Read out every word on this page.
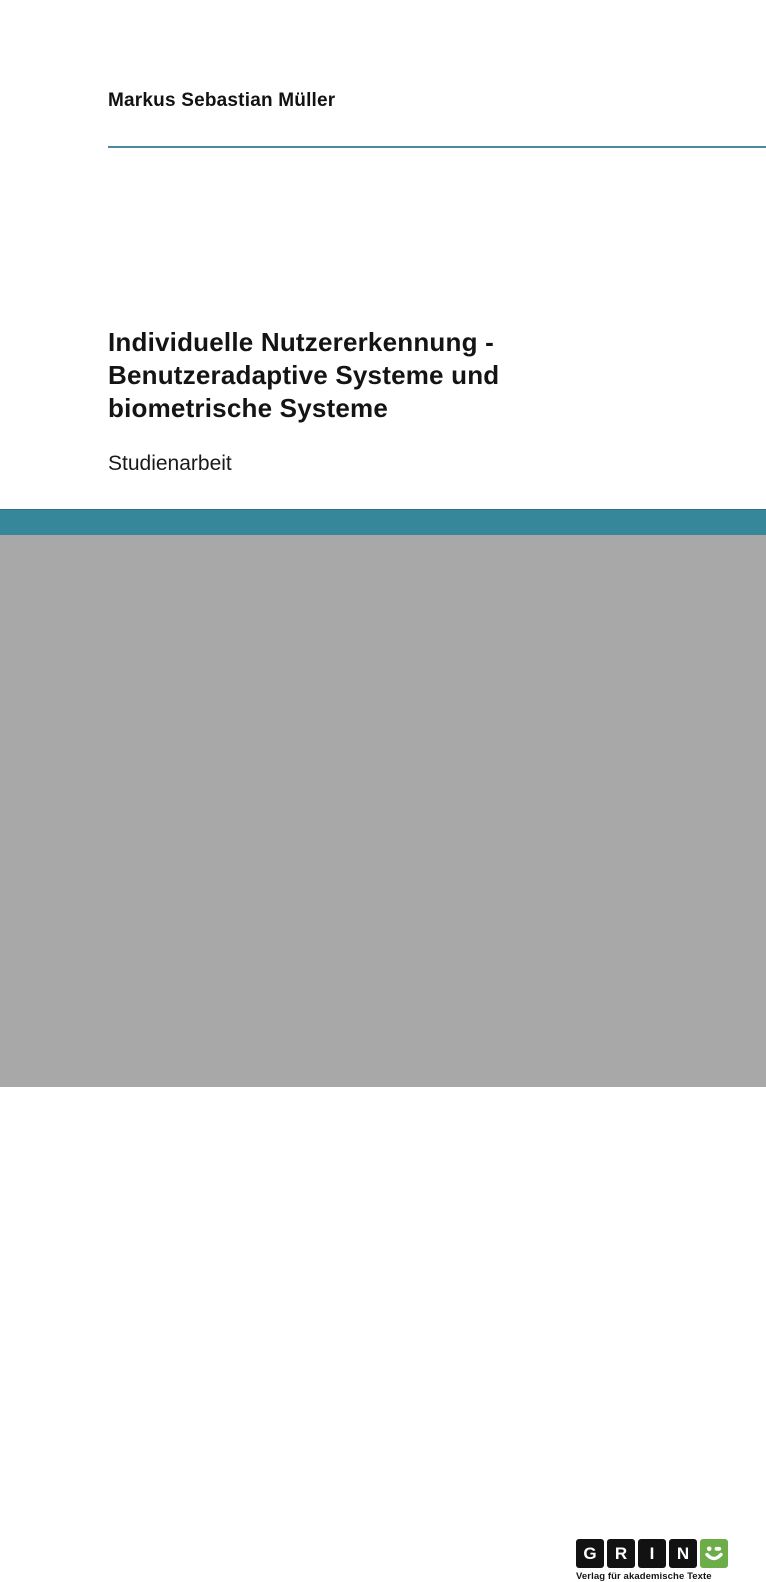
Markus Sebastian Müller
Individuelle Nutzererkennung -
Benutzeradaptive Systeme und
biometrische Systeme
Studienarbeit
G	R	I	N
Verlag für akademische Texte
